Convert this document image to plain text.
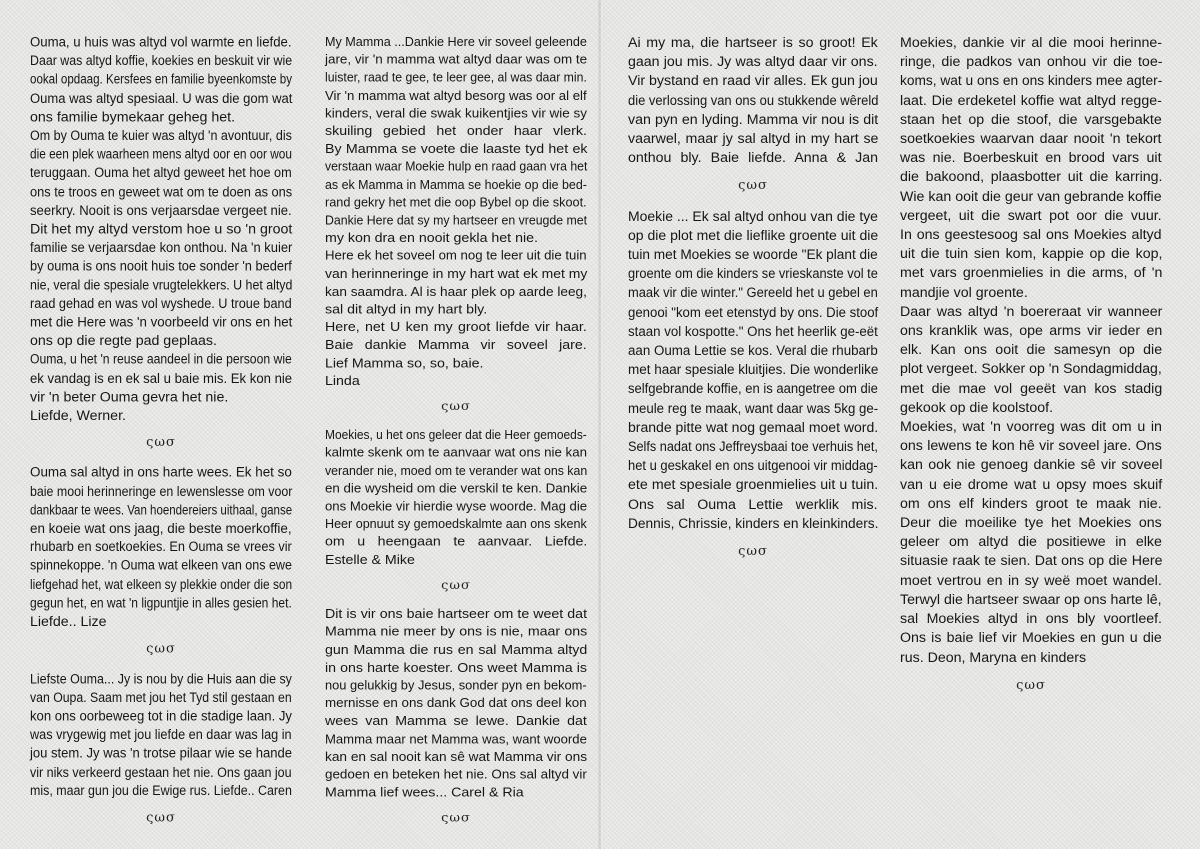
Ouma, u huis was altyd vol warmte en liefde.
Daar was altyd koffie, koekies en beskuit vir wie
ookal opdaag. Kersfees en familie byeenkomste by
Ouma was altyd spesiaal. U was die gom wat
ons familie bymekaar geheg het.
Om by Ouma te kuier was altyd 'n avontuur, dis
die een plek waarheen mens altyd oor en oor wou
teruggaan. Ouma het altyd geweet het hoe om
ons te troos en geweet wat om te doen as ons
seerkry. Nooit is ons verjaarsdae vergeet nie.
Dit het my altyd verstom hoe u so 'n groot
familie se verjaarsdae kon onthou. Na 'n kuier
by ouma is ons nooit huis toe sonder 'n bederf
nie, veral die spesiale vrugtelekkers. U het altyd
raad gehad en was vol wyshede. U troue band
met die Here was 'n voorbeeld vir ons en het
ons op die regte pad geplaas.
Ouma, u het 'n reuse aandeel in die persoon wie
ek vandag is en ek sal u baie mis. Ek kon nie
vir 'n beter Ouma gevra het nie.
Liefde, Werner.

ςωσ

Ouma sal altyd in ons harte wees. Ek het so
baie mooi herinneringe en lewenslesse om voor
dankbaar te wees. Van hoendereiers uithaal, ganse
en koeie wat ons jaag, die beste moerkoffie,
rhubarb en soetkoekies. En Ouma se vrees vir
spinnekoppe. 'n Ouma wat elkeen van ons ewe
liefgehad het, wat elkeen sy plekkie onder die son
gegun het, en wat 'n ligpuntjie in alles gesien het.
Liefde.. Lize

ςωσ

Liefste Ouma... Jy is nou by die Huis aan die sy
van Oupa. Saam met jou het Tyd stil gestaan en
kon ons oorbeweeg tot in die stadige laan. Jy
was vrygewig met jou liefde en daar was lag in
jou stem. Jy was 'n trotse pilaar wie se hande
vir niks verkeerd gestaan het nie. Ons gaan jou
mis, maar gun jou die Ewige rus. Liefde.. Caren

ςωσ

My Mamma ...Dankie Here vir soveel geleende
jare, vir 'n mamma wat altyd daar was om te
luister, raad te gee, te leer gee, al was daar min.
Vir 'n mamma wat altyd besorg was oor al elf
kinders, veral die swak kuikentjies vir wie sy
skuiling gebied het onder haar vlerk.
By Mamma se voete die laaste tyd het ek
verstaan waar Moekie hulp en raad gaan vra het
as ek Mamma in Mamma se hoekie op die bed-
rand gekry het met die oop Bybel op die skoot.
Dankie Here dat sy my hartseer en vreugde met
my kon dra en nooit gekla het nie.
Here ek het soveel om nog te leer uit die tuin
van herinneringe in my hart wat ek met my
kan saamdra. Al is haar plek op aarde leeg,
sal dit altyd in my hart bly.
Here, net U ken my groot liefde vir haar.
Baie dankie Mamma vir soveel jare.
Lief Mamma so, so, baie.
Linda

ςωσ

Moekies, u het ons geleer dat die Heer gemoeds-
kalmte skenk om te aanvaar wat ons nie kan
verander nie, moed om te verander wat ons kan
en die wysheid om die verskil te ken. Dankie
ons Moekie vir hierdie wyse woorde. Mag die
Heer opnuut sy gemoedskalmte aan ons skenk
om u heengaan te aanvaar. Liefde.
Estelle & Mike

ςωσ

Dit is vir ons baie hartseer om te weet dat
Mamma nie meer by ons is nie, maar ons
gun Mamma die rus en sal Mamma altyd
in ons harte koester. Ons weet Mamma is
nou gelukkig by Jesus, sonder pyn en bekom-
mernisse en ons dank God dat ons deel kon
wees van Mamma se lewe. Dankie dat
Mamma maar net Mamma was, want woorde
kan en sal nooit kan sê wat Mamma vir ons
gedoen en beteken het nie. Ons sal altyd vir
Mamma lief wees... Carel & Ria

ςωσ

Ai my ma, die hartseer is so groot! Ek
gaan jou mis. Jy was altyd daar vir ons.
Vir bystand en raad vir alles. Ek gun jou
die verlossing van ons ou stukkende wêreld
van pyn en lyding. Mamma vir nou is dit
vaarwel, maar jy sal altyd in my hart se
onthou bly. Baie liefde. Anna & Jan

ςωσ

Moekie ... Ek sal altyd onhou van die tye
op die plot met die lieflike groente uit die
tuin met Moekies se woorde "Ek plant die
groente om die kinders se vrieskanste vol te
maak vir die winter." Gereeld het u gebel en
genooi "kom eet etenstyd by ons. Die stoof
staan vol kospotte." Ons het heerlik ge-eët
aan Ouma Lettie se kos. Veral die rhubarb
met haar spesiale kluitjies. Die wonderlike
selfgebrande koffie, en is aangetree om die
meule reg te maak, want daar was 5kg ge-
brande pitte wat nog gemaal moet word.
Selfs nadat ons Jeffreysbaai toe verhuis het,
het u geskakel en ons uitgenooi vir middag-
ete met spesiale groenmielies uit u tuin.
Ons sal Ouma Lettie werklik mis.
Dennis, Chrissie, kinders en kleinkinders.

ςωσ

Moekies, dankie vir al die mooi herinne-
ringe, die padkos van onhou vir die toe-
koms, wat u ons en ons kinders mee agter-
laat. Die erdeketel koffie wat altyd regge-
staan het op die stoof, die varsgebakte
soetkoekies waarvan daar nooit 'n tekort
was nie. Boerbeskuit en brood vars uit
die bakoond, plaasbotter uit die karring.
Wie kan ooit die geur van gebrande koffie
vergeet, uit die swart pot oor die vuur.
In ons geestesoog sal ons Moekies altyd
uit die tuin sien kom, kappie op die kop,
met vars groenmielies in die arms, of 'n
mandjie vol groente.
Daar was altyd 'n boereraat vir wanneer
ons kranklik was, ope arms vir ieder en
elk. Kan ons ooit die samesyn op die
plot vergeet. Sokker op 'n Sondagmiddag,
met die mae vol geeët van kos stadig
gekook op die koolstoof.
Moekies, wat 'n voorreg was dit om u in
ons lewens te kon hê vir soveel jare. Ons
kan ook nie genoeg dankie sê vir soveel
van u eie drome wat u opsy moes skuif
om ons elf kinders groot te maak nie.
Deur die moeilike tye het Moekies ons
geleer om altyd die positiewe in elke
situasie raak te sien. Dat ons op die Here
moet vertrou en in sy weë moet wandel.
Terwyl die hartseer swaar op ons harte lê,
sal Moekies altyd in ons bly voortleef.
Ons is baie lief vir Moekies en gun u die
rus. Deon, Maryna en kinders

ςωσ
